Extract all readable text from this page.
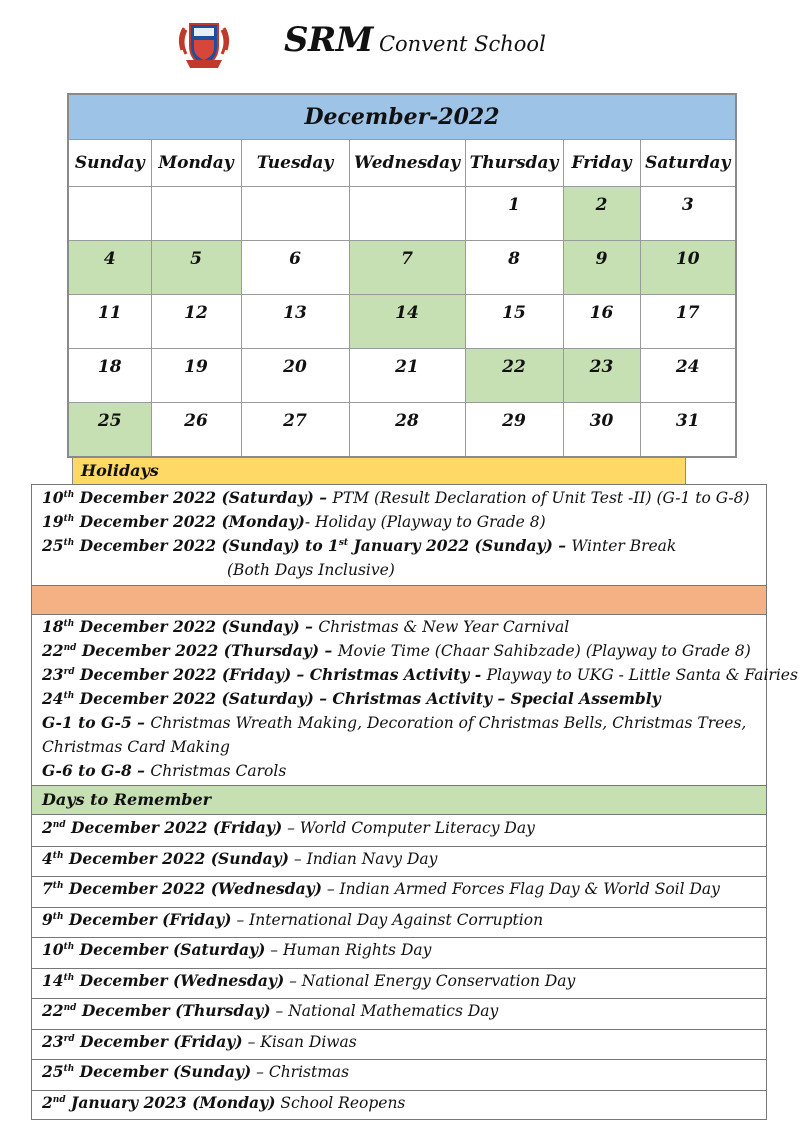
SRM Convent School
December-2022						
Sunday	Monday	Tuesday	Wednesday	Thursday	Friday	Saturday
				1	2	3
4	5	6	7	8	9	10
11	12	13	14	15	16	17
18	19	20	21	22	23	24
25	26	27	28	29	30	31
Holidays
10th December 2022 (Saturday) – PTM (Result Declaration of Unit Test -II) (G-1 to G-8)
19th December 2022 (Monday)- Holiday (Playway to Grade 8)
25th December 2022 (Sunday) to 1st January 2022 (Sunday) – Winter Break
(Both Days Inclusive)
18th December 2022 (Sunday) – Christmas & New Year Carnival
22nd December 2022 (Thursday) – Movie Time (Chaar Sahibzade) (Playway to Grade 8)
23rd December 2022 (Friday) – Christmas Activity - Playway to UKG - Little Santa & Fairies
24th December 2022 (Saturday) – Christmas Activity – Special Assembly
G-1 to G-5 – Christmas Wreath Making, Decoration of Christmas Bells, Christmas Trees,
Christmas Card Making
G-6 to G-8 – Christmas Carols
Days to Remember
2nd December 2022 (Friday) – World Computer Literacy Day
4th December 2022 (Sunday) – Indian Navy Day
7th December 2022 (Wednesday) – Indian Armed Forces Flag Day & World Soil Day
9th December (Friday) – International Day Against Corruption
10th December (Saturday) – Human Rights Day
14th December (Wednesday) – National Energy Conservation Day
22nd December (Thursday) – National Mathematics Day
23rd December (Friday) – Kisan Diwas
25th December (Sunday) – Christmas
2nd January 2023 (Monday) School Reopens
